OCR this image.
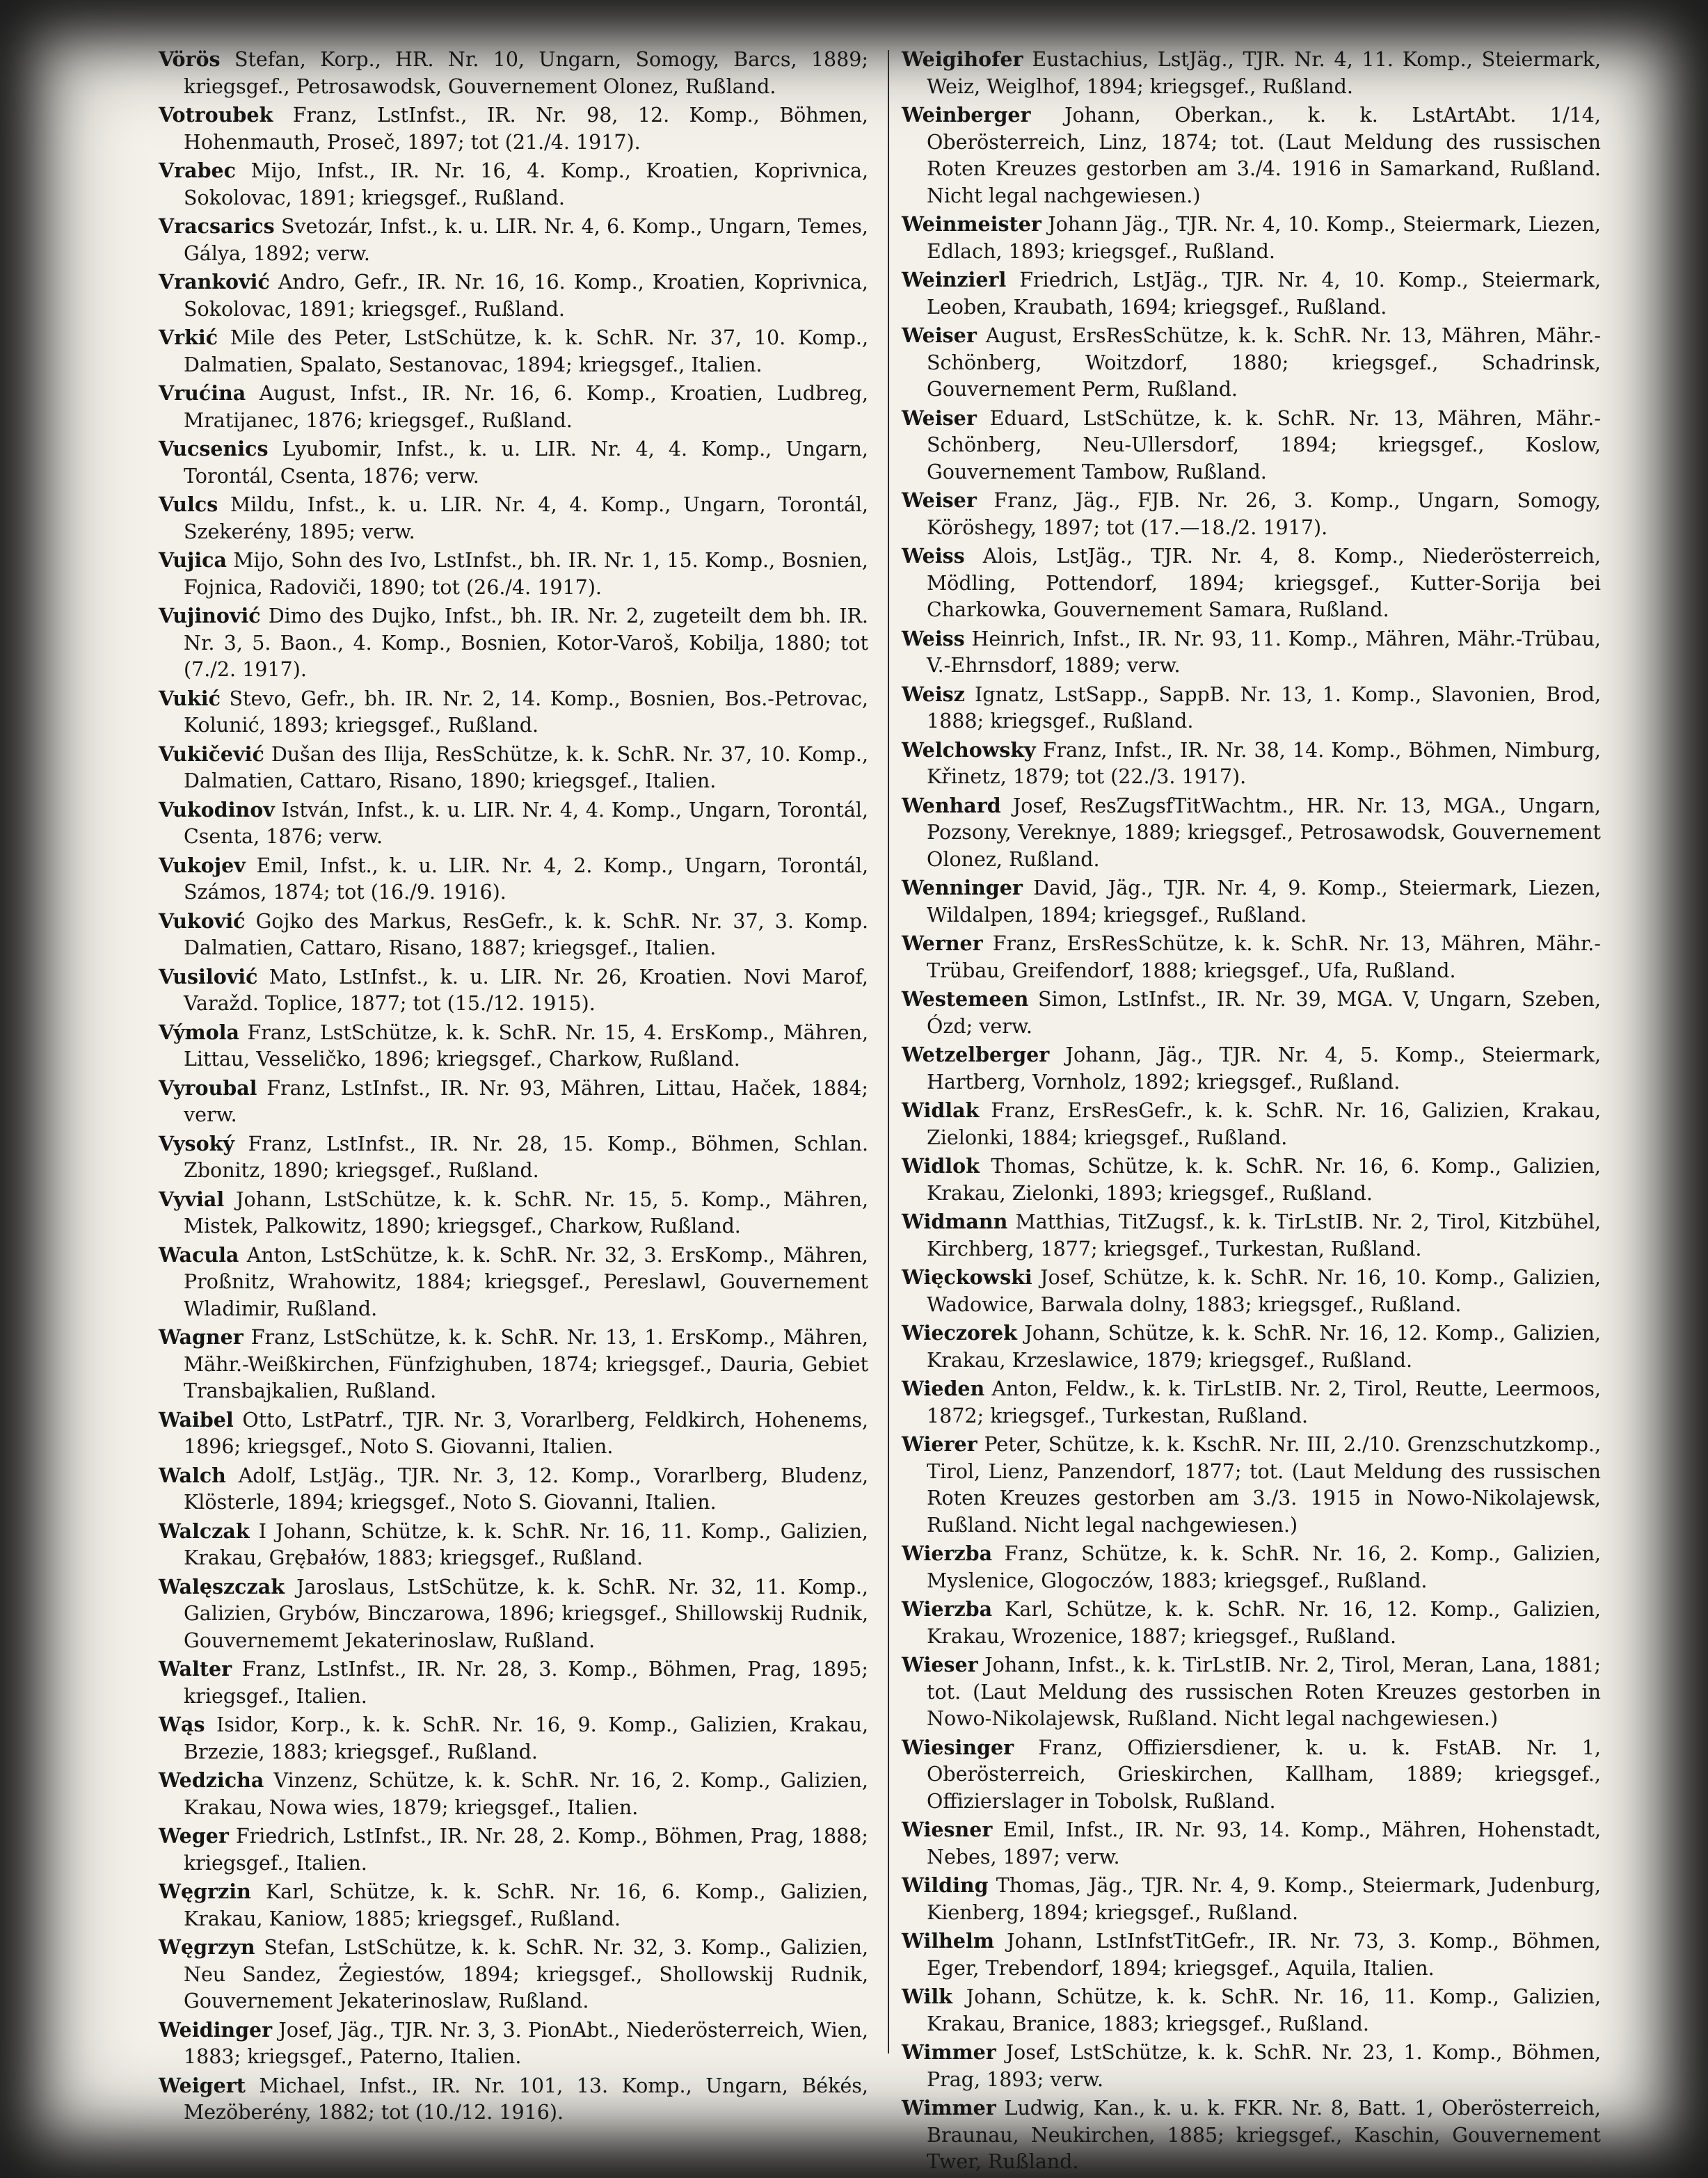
Vörös Stefan, Korp., HR. Nr. 10, Ungarn, Somogy, Barcs, 1889; kriegsgef., Petrosawodsk, Gouvernement Olonez, Rußland.

Votroubek Franz, LstInfst., IR. Nr. 98, 12. Komp., Böhmen, Hohenmauth, Proseč, 1897; tot (21./4. 1917).

Vrabec Mijo, Infst., IR. Nr. 16, 4. Komp., Kroatien, Koprivnica, Sokolovac, 1891; kriegsgef., Rußland.

Vracsarics Svetozár, Infst., k. u. LIR. Nr. 4, 6. Komp., Ungarn, Temes, Gálya, 1892; verw.

Vranković Andro, Gefr., IR. Nr. 16, 16. Komp., Kroatien, Koprivnica, Sokolovac, 1891; kriegsgef., Rußland.

Vrkić Mile des Peter, LstSchütze, k. k. SchR. Nr. 37, 10. Komp., Dalmatien, Spalato, Sestanovac, 1894; kriegsgef., Italien.

Vrućina August, Infst., IR. Nr. 16, 6. Komp., Kroatien, Ludbreg, Mratijanec, 1876; kriegsgef., Rußland.

Vucsenics Lyubomir, Infst., k. u. LIR. Nr. 4, 4. Komp., Ungarn, Torontál, Csenta, 1876; verw.

Vulcs Mildu, Infst., k. u. LIR. Nr. 4, 4. Komp., Ungarn, Torontál, Szekerény, 1895; verw.

Vujica Mijo, Sohn des Ivo, LstInfst., bh. IR. Nr. 1, 15. Komp., Bosnien, Fojnica, Radoviči, 1890; tot (26./4. 1917).

Vujinović Dimo des Dujko, Infst., bh. IR. Nr. 2, zugeteilt dem bh. IR. Nr. 3, 5. Baon., 4. Komp., Bosnien, Kotor-Varoš, Kobilja, 1880; tot (7./2. 1917).

Vukić Stevo, Gefr., bh. IR. Nr. 2, 14. Komp., Bosnien, Bos.-Petrovac, Kolunić, 1893; kriegsgef., Rußland.

Vukičević Dušan des Ilija, ResSchütze, k. k. SchR. Nr. 37, 10. Komp., Dalmatien, Cattaro, Risano, 1890; kriegsgef., Italien.

Vukodinov István, Infst., k. u. LIR. Nr. 4, 4. Komp., Ungarn, Torontál, Csenta, 1876; verw.

Vukojev Emil, Infst., k. u. LIR. Nr. 4, 2. Komp., Ungarn, Torontál, Számos, 1874; tot (16./9. 1916).

Vuković Gojko des Markus, ResGefr., k. k. SchR. Nr. 37, 3. Komp. Dalmatien, Cattaro, Risano, 1887; kriegsgef., Italien.

Vusilović Mato, LstInfst., k. u. LIR. Nr. 26, Kroatien. Novi Marof, Varažd. Toplice, 1877; tot (15./12. 1915).

Výmola Franz, LstSchütze, k. k. SchR. Nr. 15, 4. ErsKomp., Mähren, Littau, Vesseličko, 1896; kriegsgef., Charkow, Rußland.

Vyroubal Franz, LstInfst., IR. Nr. 93, Mähren, Littau, Haček, 1884; verw.

Vysoký Franz, LstInfst., IR. Nr. 28, 15. Komp., Böhmen, Schlan. Zbonitz, 1890; kriegsgef., Rußland.

Vyvial Johann, LstSchütze, k. k. SchR. Nr. 15, 5. Komp., Mähren, Mistek, Palkowitz, 1890; kriegsgef., Charkow, Rußland.

Wacula Anton, LstSchütze, k. k. SchR. Nr. 32, 3. ErsKomp., Mähren, Proßnitz, Wrahowitz, 1884; kriegsgef., Pereslawl, Gouvernement Wladimir, Rußland.

Wagner Franz, LstSchütze, k. k. SchR. Nr. 13, 1. ErsKomp., Mähren, Mähr.-Weißkirchen, Fünfzighuben, 1874; kriegsgef., Dauria, Gebiet Transbajkalien, Rußland.

Waibel Otto, LstPatrf., TJR. Nr. 3, Vorarlberg, Feldkirch, Hohenems, 1896; kriegsgef., Noto S. Giovanni, Italien.

Walch Adolf, LstJäg., TJR. Nr. 3, 12. Komp., Vorarlberg, Bludenz, Klösterle, 1894; kriegsgef., Noto S. Giovanni, Italien.

Walczak I Johann, Schütze, k. k. SchR. Nr. 16, 11. Komp., Galizien, Krakau, Grębałów, 1883; kriegsgef., Rußland.

Walęszczak Jaroslaus, LstSchütze, k. k. SchR. Nr. 32, 11. Komp., Galizien, Grybów, Binczarowa, 1896; kriegsgef., Shillowskij Rudnik, Gouvernememt Jekaterinoslaw, Rußland.

Walter Franz, LstInfst., IR. Nr. 28, 3. Komp., Böhmen, Prag, 1895; kriegsgef., Italien.

Wąs Isidor, Korp., k. k. SchR. Nr. 16, 9. Komp., Galizien, Krakau, Brzezie, 1883; kriegsgef., Rußland.

Wedzicha Vinzenz, Schütze, k. k. SchR. Nr. 16, 2. Komp., Galizien, Krakau, Nowa wies, 1879; kriegsgef., Italien.

Weger Friedrich, LstInfst., IR. Nr. 28, 2. Komp., Böhmen, Prag, 1888; kriegsgef., Italien.

Węgrzin Karl, Schütze, k. k. SchR. Nr. 16, 6. Komp., Galizien, Krakau, Kaniow, 1885; kriegsgef., Rußland.

Węgrzyn Stefan, LstSchütze, k. k. SchR. Nr. 32, 3. Komp., Galizien, Neu Sandez, Żegiestów, 1894; kriegsgef., Shollowskij Rudnik, Gouvernement Jekaterinoslaw, Rußland.

Weidinger Josef, Jäg., TJR. Nr. 3, 3. PionAbt., Niederösterreich, Wien, 1883; kriegsgef., Paterno, Italien.

Weigert Michael, Infst., IR. Nr. 101, 13. Komp., Ungarn, Békés, Mezöberény, 1882; tot (10./12. 1916).

Weigihofer Eustachius, LstJäg., TJR. Nr. 4, 11. Komp., Steiermark, Weiz, Weiglhof, 1894; kriegsgef., Rußland.

Weinberger Johann, Oberkan., k. k. LstArtAbt. 1/14, Oberösterreich, Linz, 1874; tot. (Laut Meldung des russischen Roten Kreuzes gestorben am 3./4. 1916 in Samarkand, Rußland. Nicht legal nachgewiesen.)

Weinmeister Johann Jäg., TJR. Nr. 4, 10. Komp., Steiermark, Liezen, Edlach, 1893; kriegsgef., Rußland.

Weinzierl Friedrich, LstJäg., TJR. Nr. 4, 10. Komp., Steiermark, Leoben, Kraubath, 1694; kriegsgef., Rußland.

Weiser August, ErsResSchütze, k. k. SchR. Nr. 13, Mähren, Mähr.-Schönberg, Woitzdorf, 1880; kriegsgef., Schadrinsk, Gouvernement Perm, Rußland.

Weiser Eduard, LstSchütze, k. k. SchR. Nr. 13, Mähren, Mähr.-Schönberg, Neu-Ullersdorf, 1894; kriegsgef., Koslow, Gouvernement Tambow, Rußland.

Weiser Franz, Jäg., FJB. Nr. 26, 3. Komp., Ungarn, Somogy, Köröshegy, 1897; tot (17.—18./2. 1917).

Weiss Alois, LstJäg., TJR. Nr. 4, 8. Komp., Niederösterreich, Mödling, Pottendorf, 1894; kriegsgef., Kutter-Sorija bei Charkowka, Gouvernement Samara, Rußland.

Weiss Heinrich, Infst., IR. Nr. 93, 11. Komp., Mähren, Mähr.-Trübau, V.-Ehrnsdorf, 1889; verw.

Weisz Ignatz, LstSapp., SappB. Nr. 13, 1. Komp., Slavonien, Brod, 1888; kriegsgef., Rußland.

Welchowsky Franz, Infst., IR. Nr. 38, 14. Komp., Böhmen, Nimburg, Křinetz, 1879; tot (22./3. 1917).

Wenhard Josef, ResZugsfTitWachtm., HR. Nr. 13, MGA., Ungarn, Pozsony, Vereknye, 1889; kriegsgef., Petrosawodsk, Gouvernement Olonez, Rußland.

Wenninger David, Jäg., TJR. Nr. 4, 9. Komp., Steiermark, Liezen, Wildalpen, 1894; kriegsgef., Rußland.

Werner Franz, ErsResSchütze, k. k. SchR. Nr. 13, Mähren, Mähr.-Trübau, Greifendorf, 1888; kriegsgef., Ufa, Rußland.

Westemeen Simon, LstInfst., IR. Nr. 39, MGA. V, Ungarn, Szeben, Ózd; verw.

Wetzelberger Johann, Jäg., TJR. Nr. 4, 5. Komp., Steiermark, Hartberg, Vornholz, 1892; kriegsgef., Rußland.

Widlak Franz, ErsResGefr., k. k. SchR. Nr. 16, Galizien, Krakau, Zielonki, 1884; kriegsgef., Rußland.

Widlok Thomas, Schütze, k. k. SchR. Nr. 16, 6. Komp., Galizien, Krakau, Zielonki, 1893; kriegsgef., Rußland.

Widmann Matthias, TitZugsf., k. k. TirLstIB. Nr. 2, Tirol, Kitzbühel, Kirchberg, 1877; kriegsgef., Turkestan, Rußland.

Więckowski Josef, Schütze, k. k. SchR. Nr. 16, 10. Komp., Galizien, Wadowice, Barwala dolny, 1883; kriegsgef., Rußland.

Wieczorek Johann, Schütze, k. k. SchR. Nr. 16, 12. Komp., Galizien, Krakau, Krzeslawice, 1879; kriegsgef., Rußland.

Wieden Anton, Feldw., k. k. TirLstIB. Nr. 2, Tirol, Reutte, Leermoos, 1872; kriegsgef., Turkestan, Rußland.

Wierer Peter, Schütze, k. k. KschR. Nr. III, 2./10. Grenzschutzkomp., Tirol, Lienz, Panzendorf, 1877; tot. (Laut Meldung des russischen Roten Kreuzes gestorben am 3./3. 1915 in Nowo-Nikolajewsk, Rußland. Nicht legal nachgewiesen.)

Wierzba Franz, Schütze, k. k. SchR. Nr. 16, 2. Komp., Galizien, Myslenice, Glogoczów, 1883; kriegsgef., Rußland.

Wierzba Karl, Schütze, k. k. SchR. Nr. 16, 12. Komp., Galizien, Krakau, Wrozenice, 1887; kriegsgef., Rußland.

Wieser Johann, Infst., k. k. TirLstIB. Nr. 2, Tirol, Meran, Lana, 1881; tot. (Laut Meldung des russischen Roten Kreuzes gestorben in Nowo-Nikolajewsk, Rußland. Nicht legal nachgewiesen.)

Wiesinger Franz, Offiziersdiener, k. u. k. FstAB. Nr. 1, Oberösterreich, Grieskirchen, Kallham, 1889; kriegsgef., Offizierslager in Tobolsk, Rußland.

Wiesner Emil, Infst., IR. Nr. 93, 14. Komp., Mähren, Hohenstadt, Nebes, 1897; verw.

Wilding Thomas, Jäg., TJR. Nr. 4, 9. Komp., Steiermark, Judenburg, Kienberg, 1894; kriegsgef., Rußland.

Wilhelm Johann, LstInfstTitGefr., IR. Nr. 73, 3. Komp., Böhmen, Eger, Trebendorf, 1894; kriegsgef., Aquila, Italien.

Wilk Johann, Schütze, k. k. SchR. Nr. 16, 11. Komp., Galizien, Krakau, Branice, 1883; kriegsgef., Rußland.

Wimmer Josef, LstSchütze, k. k. SchR. Nr. 23, 1. Komp., Böhmen, Prag, 1893; verw.

Wimmer Ludwig, Kan., k. u. k. FKR. Nr. 8, Batt. 1, Oberösterreich, Braunau, Neukirchen, 1885; kriegsgef., Kaschin, Gouvernement Twer, Rußland.
